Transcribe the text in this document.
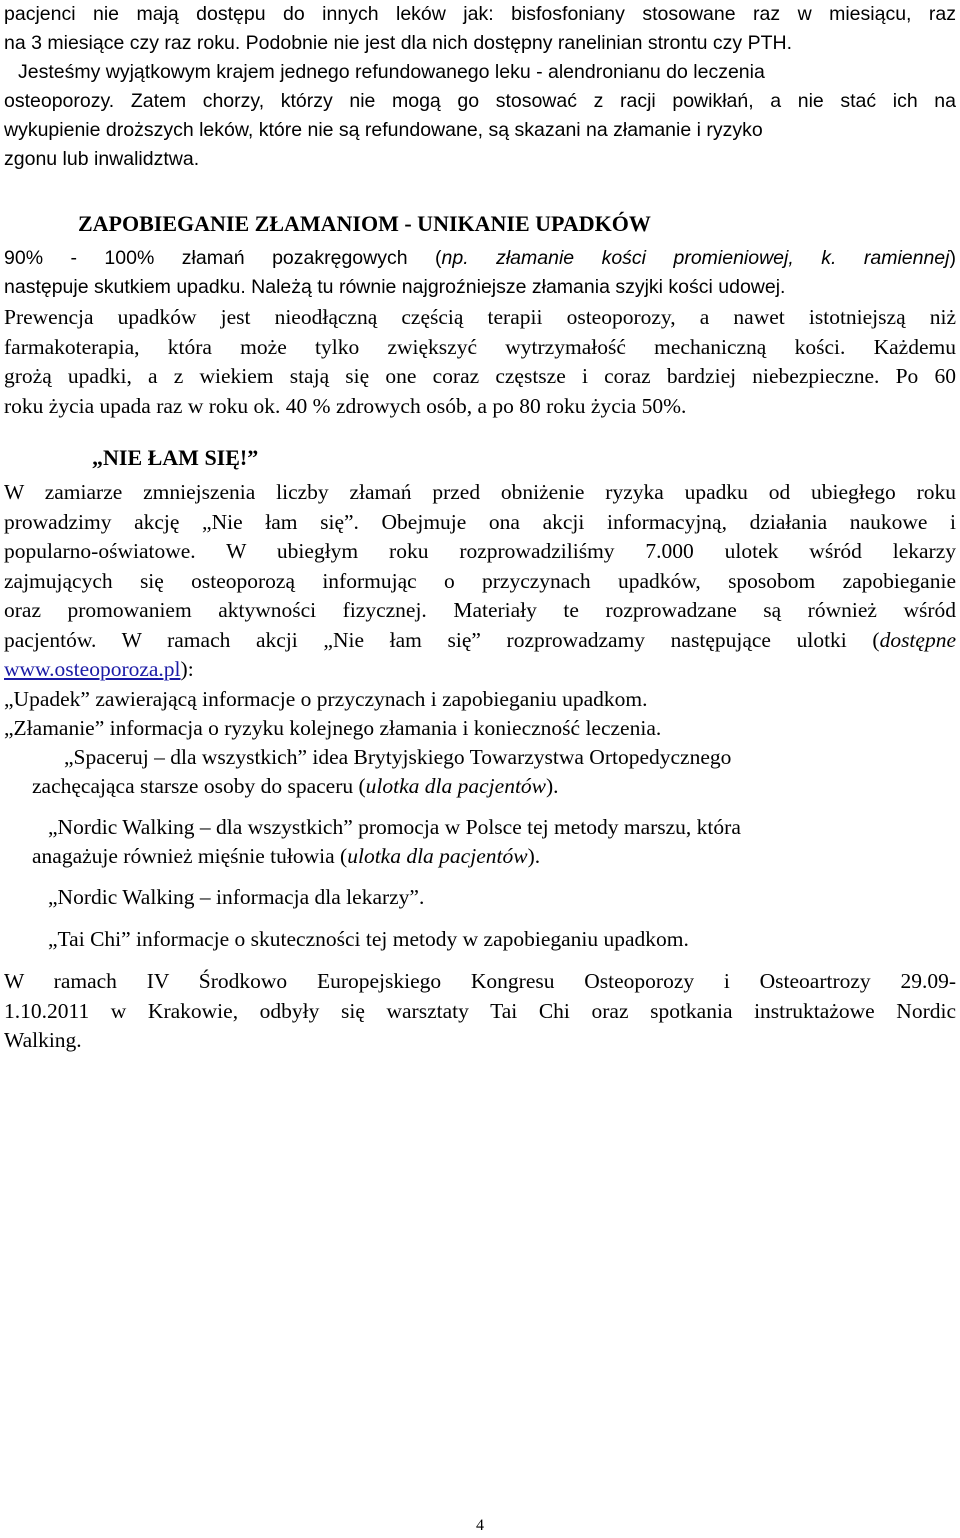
pacjenci nie mają dostępu do innych leków jak: bisfosfoniany stosowane raz w miesiącu, raz
na 3 miesiące czy raz roku. Podobnie nie jest dla nich dostępny ranelinian strontu czy PTH.
Jesteśmy wyjątkowym krajem jednego refundowanego leku - alendronianu do leczenia
osteoporozy. Zatem chorzy, którzy nie mogą go stosować z racji powikłań, a nie stać ich na
wykupienie droższych leków, które nie są refundowane, są skazani na złamanie i ryzyko
zgonu lub inwalidztwa.
ZAPOBIEGANIE ZŁAMANIOM - UNIKANIE UPADKÓW
90% - 100% złamań pozakręgowych (np. złamanie kości promieniowej, k. ramiennej)
następuje skutkiem upadku. Należą tu równie najgroźniejsze złamania szyjki kości udowej.
Prewencja upadków jest nieodłączną częścią terapii osteoporozy, a nawet istotniejszą niż
farmakoterapia, która może tylko zwiększyć wytrzymałość mechaniczną kości. Każdemu
grożą upadki, a z wiekiem stają się one coraz częstsze i coraz bardziej niebezpieczne. Po 60
roku życia upada raz w roku ok. 40 % zdrowych osób, a po 80 roku życia 50%.
„NIE ŁAM SIĘ!”
W zamiarze zmniejszenia liczby złamań przed obniżenie ryzyka upadku od ubiegłego roku
prowadzimy akcję „Nie łam się”. Obejmuje ona akcji informacyjną, działania naukowe i
popularno-oświatowe. W ubiegłym roku rozprowadziliśmy 7.000 ulotek wśród lekarzy
zajmujących się osteoporozą informując o przyczynach upadków, sposobom zapobieganie
oraz promowaniem aktywności fizycznej. Materiały te rozprowadzane są również wśród
pacjentów. W ramach akcji „Nie łam się” rozprowadzamy następujące ulotki (dostępne
www.osteoporoza.pl):
„Upadek” zawierającą informacje o przyczynach i zapobieganiu upadkom.
„Złamanie” informacja o ryzyku kolejnego złamania i konieczność leczenia.
„Spaceruj – dla wszystkich” idea Brytyjskiego Towarzystwa Ortopedycznego
zachęcająca starsze osoby do spaceru (ulotka dla pacjentów).
„Nordic Walking – dla wszystkich” promocja w Polsce tej metody marszu, która
anagażuje również mięśnie tułowia (ulotka dla pacjentów).
„Nordic Walking – informacja dla lekarzy”.
„Tai Chi” informacje o skuteczności tej metody w zapobieganiu upadkom.
W ramach IV Środkowo Europejskiego Kongresu Osteoporozy i Osteoartrozy 29.09-
1.10.2011 w Krakowie, odbyły się warsztaty Tai Chi oraz spotkania instruktażowe Nordic
Walking.
4
